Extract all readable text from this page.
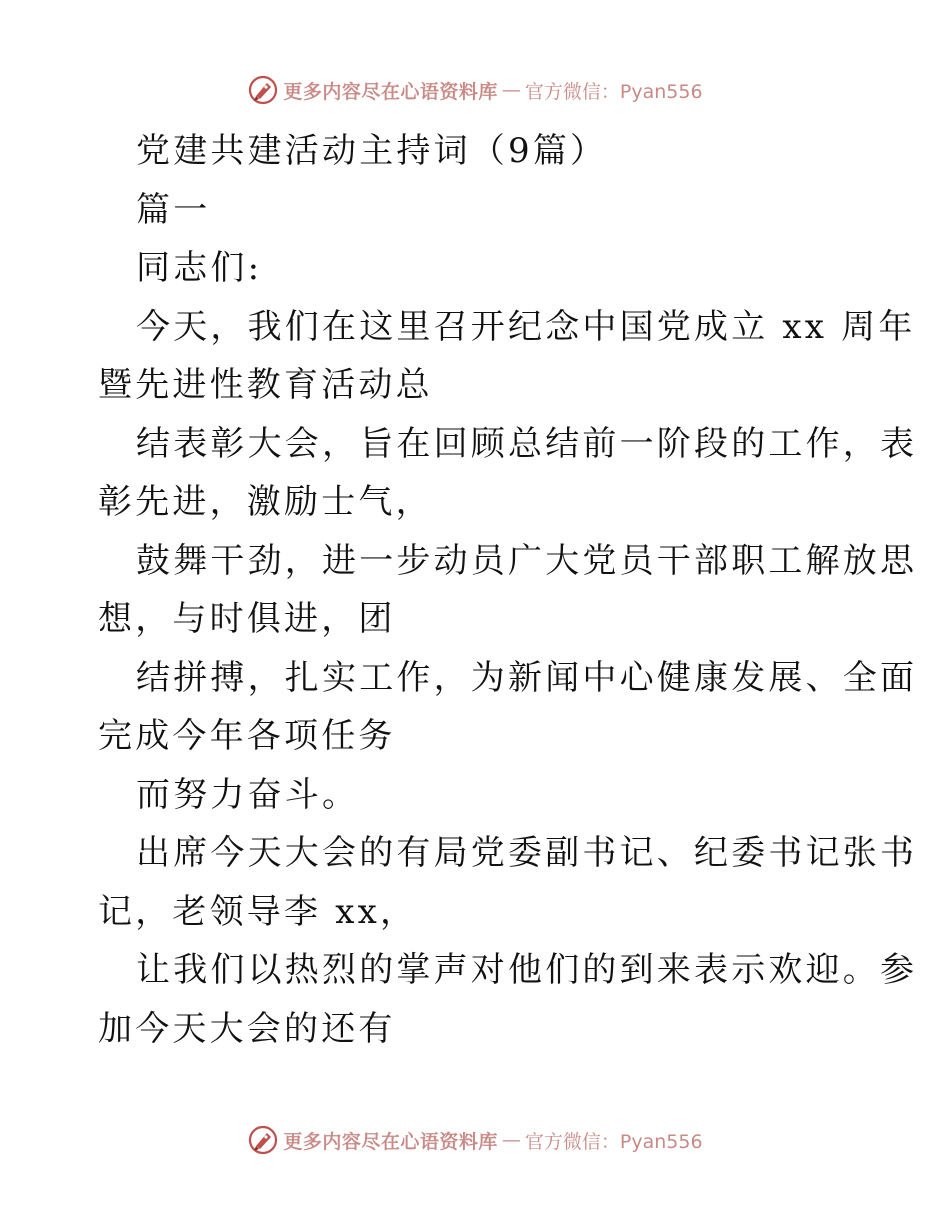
更多内容尽在心语资料库 — 官方微信：Pyan556
党建共建活动主持词（9篇）
篇一
同志们:
今天，我们在这里召开纪念中国党成立 xx 周年
暨先进性教育活动总
结表彰大会，旨在回顾总结前一阶段的工作，表
彰先进，激励士气，
鼓舞干劲，进一步动员广大党员干部职工解放思
想，与时俱进，团
结拼搏，扎实工作，为新闻中心健康发展、全面
完成今年各项任务
而努力奋斗。
出席今天大会的有局党委副书记、纪委书记张书
记，老领导李 xx，
让我们以热烈的掌声对他们的到来表示欢迎。参
加今天大会的还有
更多内容尽在心语资料库 — 官方微信：Pyan556
